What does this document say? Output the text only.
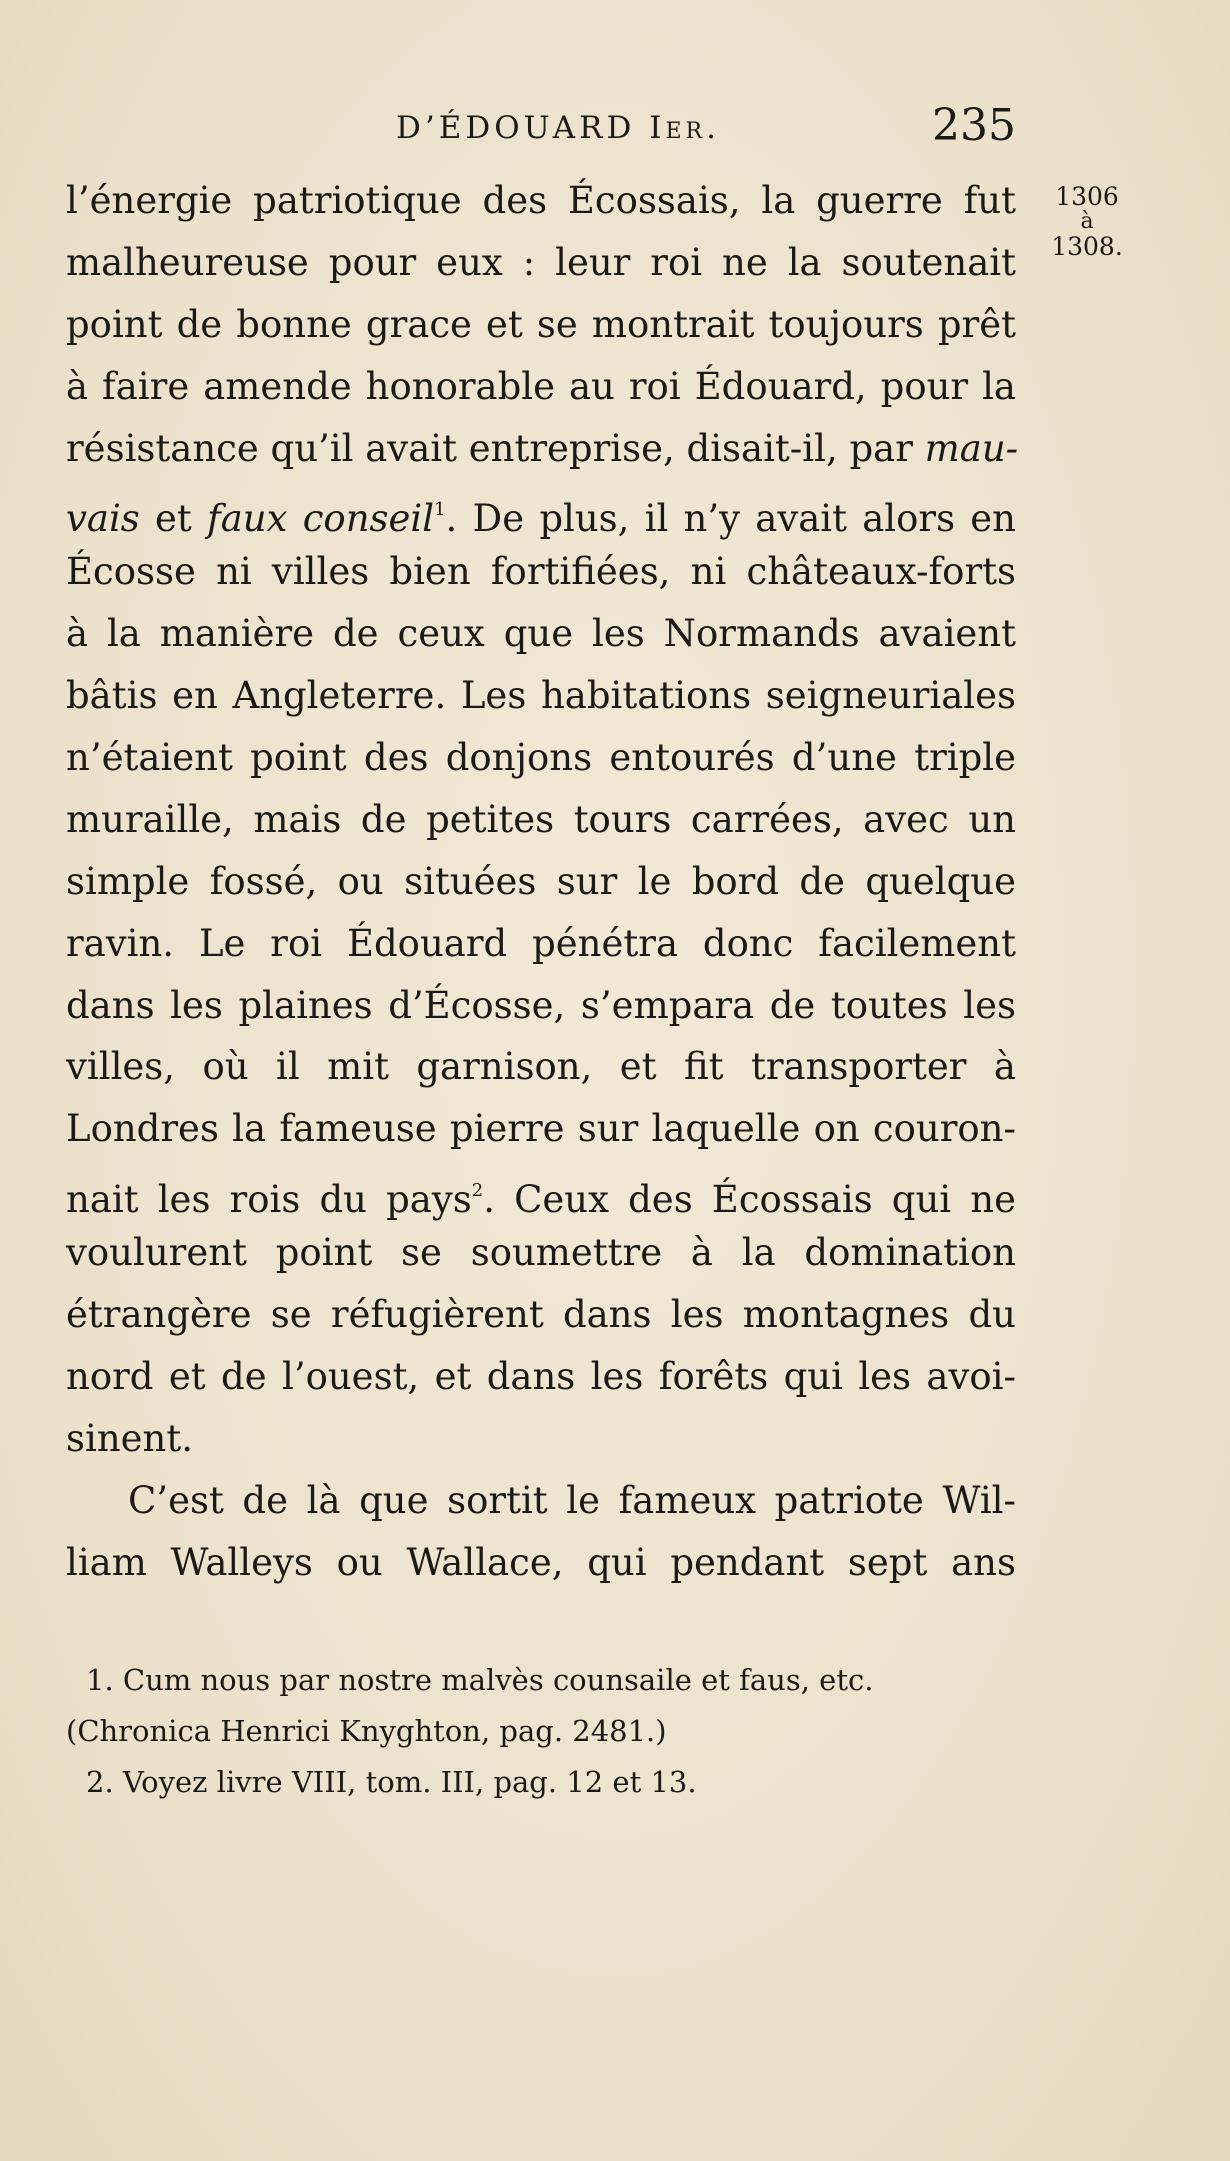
D’ÉDOUARD Ier.	235
1306
à
1308.
l’énergie patriotique des Écossais, la guerre fut
malheureuse pour eux : leur roi ne la soutenait
point de bonne grace et se montrait toujours prêt
à faire amende honorable au roi Édouard, pour la
résistance qu’il avait entreprise, disait-il, par mau-
vais et faux conseil$^1$. De plus, il n’y avait alors en
Écosse ni villes bien fortifiées, ni châteaux-forts
à la manière de ceux que les Normands avaient
bâtis en Angleterre. Les habitations seigneuriales
n’étaient point des donjons entourés d’une triple
muraille, mais de petites tours carrées, avec un
simple fossé, ou situées sur le bord de quelque
ravin. Le roi Édouard pénétra donc facilement
dans les plaines d’Écosse, s’empara de toutes les
villes, où il mit garnison, et fit transporter à
Londres la fameuse pierre sur laquelle on couron-
nait les rois du pays$^2$. Ceux des Écossais qui ne
voulurent point se soumettre à la domination
étrangère se réfugièrent dans les montagnes du
nord et de l’ouest, et dans les forêts qui les avoi-
sinent.
C’est de là que sortit le fameux patriote Wil-
liam Walleys ou Wallace, qui pendant sept ans
1. Cum nous par nostre malvès counsaile et faus, etc.
(Chronica Henrici Knyghton, pag. 2481.)
2. Voyez livre VIII, tom. III, pag. 12 et 13.
